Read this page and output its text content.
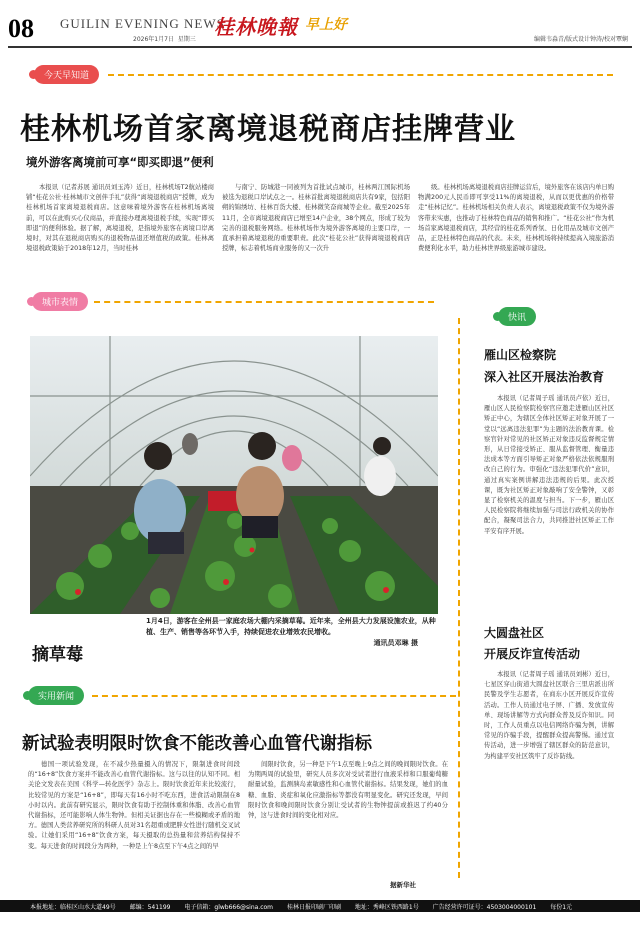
08 GUILIN EVENING NEWS
桂林晚報 早上好
2026年1月7日 星期三	编辑韦淼青/版式设计钟涛/校对覃娴
今天早知道
桂林机场首家离境退税商店挂牌营业
境外游客离境前可享“即买即退”便利
本报讯（记者苏展 通讯员刘玉涛）近日，桂林机场T2航站楼商铺“桂花公社·桂林城市文创伴手礼”获得“离境退税商店”授牌，成为桂林机场首家离境退税商店。这意味着境外游客在桂林机场离境前，可以在此购买心仪商品，并直接办理离境退税手续，实现“即买即退”的便利体验。据了解，离境退税，是指境外旅客在离境口岸离境时，对其在退税商店购买的退税物品退还增值税的政策。桂林离境退税政策始于2018年12月，当时桂林
与南宁、防城港一同被列为首批试点城市，桂林两江国际机场被选为退税口岸试点之一。桂林首批离境退税商店共有9家，包括阳朔的锦绣坊、桂林百货大楼、桂林微笑奋商城等企业。截至2025年11月，全市离境退税商店已增至14户企业，38个网点，形成了较为完善的退税服务网络。桂林机场作为境外游客离境的主要口岸，一直承担着离境退税的重要职责。此次“桂花公社”获得离境退税商店授牌，标志着机场商业服务的又一次升
级。桂林机场离境退税商店挂牌运营后，境外旅客在该店内单日购物满200元人民币即可享受11%的离境退税，从而以更优惠的价格带走“桂林记忆”。桂林机场相关负责人表示，离境退税政策不仅为境外游客带来实惠，也推动了桂林特色商品的销售和推广。“桂花公社”作为机场首家离境退税商店，其经营的桂花系列香氛、日化用品及城市文创产品，正是桂林特色商品的代表。未来，桂林机场将持续提高入境旅游消费便利化水平，助力桂林世界级旅游城市建设。
城市表情
快讯
摘草莓
1月4日，游客在全州县一家庭农场大棚内采摘草莓。近年来，全州县大力发展设施农业，从种植、生产、销售等各环节入手，持续促进农业增效农民增收。
通讯员邓琳 摄
雁山区检察院
深入社区开展法治教育
本报讯（记者周子瑶 通讯员卢依）近日，雁山区人民检察院检察官应邀走进雁山区社区矫正中心，为辖区全体社区矫正对象开展了一堂以“远离违法犯罪”为主题的法治教育课。检察官针对常见的社区矫正对象违反监督规定情形，从日常接受矫正、服从监督管理、衡量违法成本等方面引导矫正对象严格依法依规服刑改自己的行为。审强化“违法犯罪代价”意识，通过真实案例讲解违法违规的后果。此次授课，既为社区矫正对象敲响了安全警钟，又彰显了检察机关的温度与担当。下一步，雁山区人民检察院将继续加强与司法行政机关的协作配合，凝聚司法合力，共同推进社区矫正工作平安有序开展。
大圆盘社区
开展反诈宣传活动
本报讯（记者周子瑶 通讯员刘彬）近日，七星区穿山街道大圆盘社区联合三里店派出所民警及学生志愿者，在商东小区开展反诈宣传活动。工作人员通过电子屏、广播、发放宣传单、现场讲解等方式向群众普及反诈知识。同时，工作人员重点以电信网络诈骗为例，讲解常见的诈骗手段，提醒群众提高警惕。通过宣传活动，进一步增强了辖区群众的防范意识，为构建平安社区筑牢了反诈防线。
实用新闻
新试验表明限时饮食不能改善心血管代谢指标
德国一项试验发现，在不减少热量摄入的情况下，限制进食时间段的“16+8”饮食方案并不能改善心血管代谢指标。这与以往的认知不同。相关论文发表在美国《科学—转化医学》杂志上。限时饮食近年来比较流行，比较常见的方案是“16+8”，即每天有16小时不吃东西，进食活动限制在8小时以内。此前有研究显示，限时饮食有助于控制体重和体脂、改善心血管代谢指标，还可能影响人体生物钟。但相关证据也存在一些模糊或矛盾的地方。德国人类营养研究所的科研人员对31名超重或肥胖女性进行随机交叉试验。让她们采用“16+8”饮食方案，每天摄取的总热量和营养结构保持不变。每天进食的时间段分为两种，一种是上午8点至下午4点之间的早
间限时饮食，另一种是下午1点至晚上9点之间的晚间限时饮食。在为期两周的试验里，研究人员多次对受试者进行血液采样和口服葡萄糖耐量试验，监测胰岛素敏感性和心血管代谢指标。结果发现，她们的血糖、血脂、炎症和氧化应激指标等都没有明显变化。研究还发现，早间限时饮食和晚间限时饮食分别让受试者的生物钟提前或推迟了约40分钟，这与进食时间的变化相对应。
据新华社
本报地址：临桂区山水大道49号 邮编：541199 电子信箱：glwb666@sina.com 桂林日报印刷厂印刷 地址：秀峰区铁西路1号 广告经营许可证号：4503004000101 每份1元
